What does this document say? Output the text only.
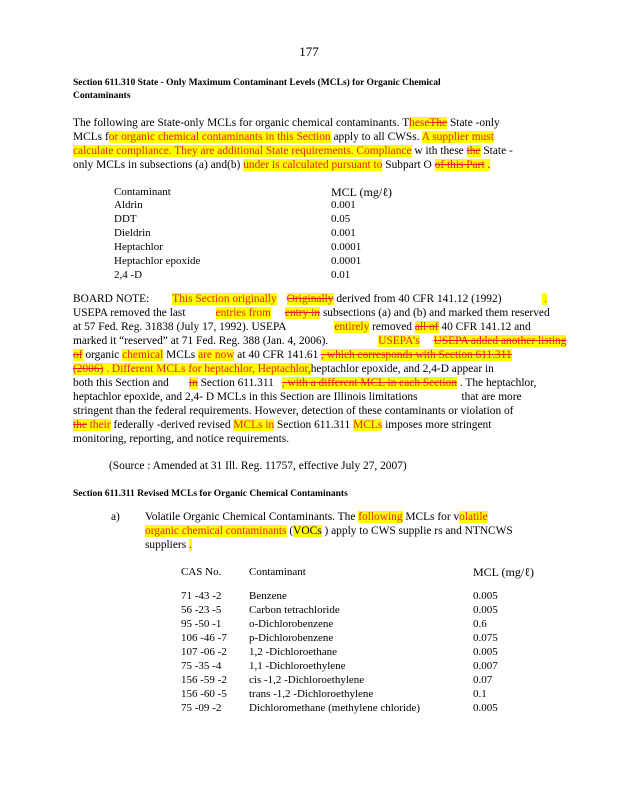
177
Section 611.310 State - Only Maximum Contaminant Levels (MCLs) for Organic Chemical
Contaminants
The following are State-only MCLs for organic chemical contaminants. TheseThe State -only
MCLs for organic chemical contaminants in this Section apply to all CWSs. A supplier must
calculate compliance. They are additional State requirements. Compliance w ith these the State -
only MCLs in subsections (a) and(b) under is calculated pursuant to Subpart O of this Part .
Contaminant	MCL (mg/ℓ)
Aldrin	0.001
DDT	0.05
Dieldrin	0.001
Heptachlor	0.0001
Heptachlor epoxide	0.0001
2,4 -D	0.01
BOARD NOTE: This Section originally Originally derived from 40 CFR 141.12 (1992)	.
USEPA removed the last	entries from entry in subsections (a) and (b) and marked them reserved
at 57 Fed. Reg. 31838 (July 17, 1992). USEPA	entirely removed all of 40 CFR 141.12 and
marked it “reserved” at 71 Fed. Reg. 388 (Jan. 4, 2006).	USEPA’s USEPA added another listing
of organic chemical MCLs are now at 40 CFR 141.61 , which corresponds with Section 611.311
(2006) . Different MCLs for heptachlor, Heptachlor,heptachlor epoxide, and 2,4-D appear in
both this Section and in Section 611.311 , with a different MCL in each Section . The heptachlor,
heptachlor epoxide, and 2,4- D MCLs in this Section are Illinois limitations	that are more
stringent than the federal requirements. However, detection of these contaminants or violation of
the their federally -derived revised MCLs in Section 611.311 MCLs imposes more stringent
monitoring, reporting, and notice requirements.
(Source : Amended at 31 Ill. Reg. 11757, effective July 27, 2007)
Section 611.311 Revised MCLs for Organic Chemical Contaminants
a) Volatile Organic Chemical Contaminants. The following MCLs for volatile
organic chemical contaminants (VOCs ) apply to CWS supplie rs and NTNCWS
suppliers .
CAS No.	Contaminant	MCL (mg/ℓ)
71 -43 -2	Benzene	0.005
56 -23 -5	Carbon tetrachloride	0.005
95 -50 -1	o-Dichlorobenzene	0.6
106 -46 -7 p-Dichlorobenzene	0.075
107 -06 -2 1,2 -Dichloroethane	0.005
75 -35 -4	1,1 -Dichloroethylene	0.007
156 -59 -2 cis -1,2 -Dichloroethylene	0.07
156 -60 -5 trans -1,2 -Dichloroethylene	0.1
75 -09 -2	Dichloromethane (methylene chloride)	0.005
